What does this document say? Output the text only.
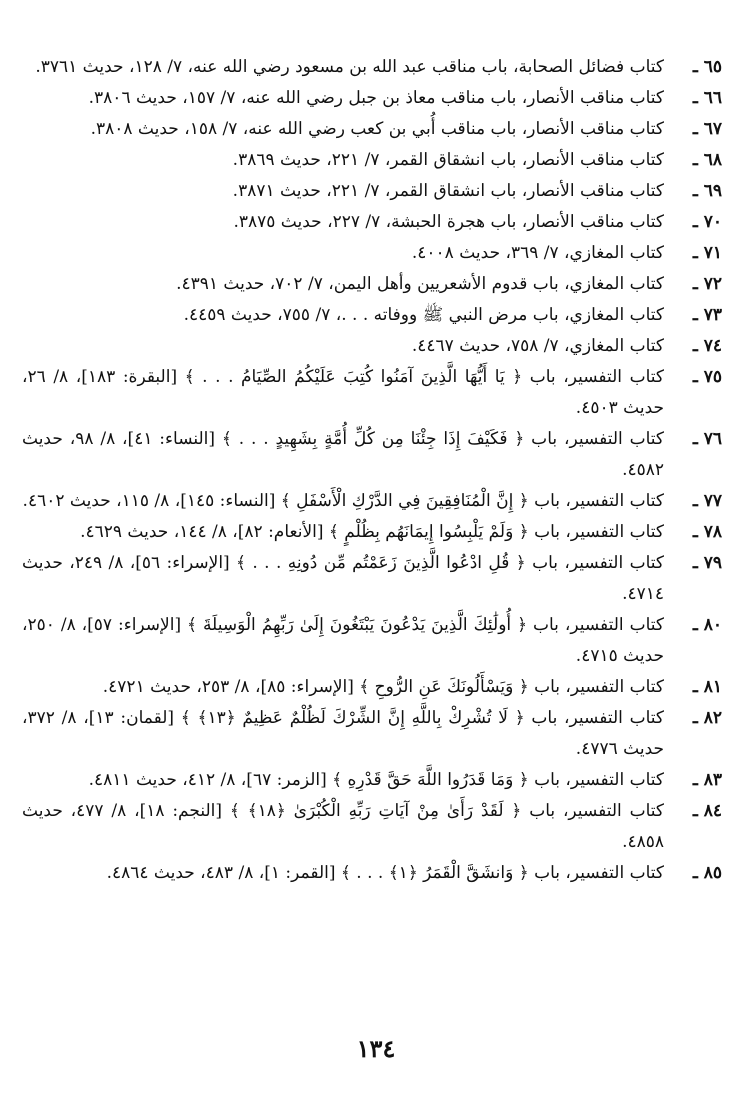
٦٥ ـ
كتاب فضائل الصحابة، باب مناقب عبد الله بن مسعود رضي الله عنه، ٧/ ١٢٨، حديث ٣٧٦١.
٦٦ ـ
كتاب مناقب الأنصار، باب مناقب معاذ بن جبل رضي الله عنه، ٧/ ١٥٧، حديث ٣٨٠٦.
٦٧ ـ
كتاب مناقب الأنصار، باب مناقب أُبي بن كعب رضي الله عنه، ٧/ ١٥٨، حديث ٣٨٠٨.
٦٨ ـ
كتاب مناقب الأنصار، باب انشقاق القمر، ٧/ ٢٢١، حديث ٣٨٦٩.
٦٩ ـ
كتاب مناقب الأنصار، باب انشقاق القمر، ٧/ ٢٢١، حديث ٣٨٧١.
٧٠ ـ
كتاب مناقب الأنصار، باب هجرة الحبشة، ٧/ ٢٢٧، حديث ٣٨٧٥.
٧١ ـ
كتاب المغازي، ٧/ ٣٦٩، حديث ٤٠٠٨.
٧٢ ـ
كتاب المغازي، باب قدوم الأشعريين وأهل اليمن، ٧/ ٧٠٢، حديث ٤٣٩١.
٧٣ ـ
كتاب المغازي، باب مرض النبي ﷺ ووفاته . . .، ٧/ ٧٥٥، حديث ٤٤٥٩.
٧٤ ـ
كتاب المغازي، ٧/ ٧٥٨، حديث ٤٤٦٧.
٧٥ ـ
كتاب التفسير، باب ﴿ يَا أَيُّهَا الَّذِينَ آمَنُوا كُتِبَ عَلَيْكُمُ الصِّيَامُ . . . ﴾ [البقرة: ١٨٣]، ٨/ ٢٦، حديث ٤٥٠٣.
٧٦ ـ
كتاب التفسير، باب ﴿ فَكَيْفَ إِذَا جِئْنَا مِن كُلِّ أُمَّةٍ بِشَهِيدٍ . . . ﴾ [النساء: ٤١]، ٨/ ٩٨، حديث ٤٥٨٢.
٧٧ ـ
كتاب التفسير، باب ﴿ إِنَّ الْمُنَافِقِينَ فِي الدَّرْكِ الْأَسْفَلِ ﴾ [النساء: ١٤٥]، ٨/ ١١٥، حديث ٤٦٠٢.
٧٨ ـ
كتاب التفسير، باب ﴿ وَلَمْ يَلْبِسُوا إِيمَانَهُم بِظُلْمٍ ﴾ [الأنعام: ٨٢]، ٨/ ١٤٤، حديث ٤٦٢٩.
٧٩ ـ
كتاب التفسير، باب ﴿ قُلِ ادْعُوا الَّذِينَ زَعَمْتُم مِّن دُونِهِ . . . ﴾ [الإسراء: ٥٦]، ٨/ ٢٤٩، حديث ٤٧١٤.
٨٠ ـ
كتاب التفسير، باب ﴿ أُولَٰئِكَ الَّذِينَ يَدْعُونَ يَبْتَغُونَ إِلَىٰ رَبِّهِمُ الْوَسِيلَةَ ﴾ [الإسراء: ٥٧]، ٨/ ٢٥٠، حديث ٤٧١٥.
٨١ ـ
كتاب التفسير، باب ﴿ وَيَسْأَلُونَكَ عَنِ الرُّوحِ ﴾ [الإسراء: ٨٥]، ٨/ ٢٥٣، حديث ٤٧٢١.
٨٢ ـ
كتاب التفسير، باب ﴿ لَا تُشْرِكْ بِاللَّهِ إِنَّ الشِّرْكَ لَظُلْمٌ عَظِيمٌ ﴿١٣﴾ ﴾ [لقمان: ١٣]، ٨/ ٣٧٢، حديث ٤٧٧٦.
٨٣ ـ
كتاب التفسير، باب ﴿ وَمَا قَدَرُوا اللَّهَ حَقَّ قَدْرِهِ ﴾ [الزمر: ٦٧]، ٨/ ٤١٢، حديث ٤٨١١.
٨٤ ـ
كتاب التفسير، باب ﴿ لَقَدْ رَأَىٰ مِنْ آيَاتِ رَبِّهِ الْكُبْرَىٰ ﴿١٨﴾ ﴾ [النجم: ١٨]، ٨/ ٤٧٧، حديث ٤٨٥٨.
٨٥ ـ
كتاب التفسير، باب ﴿ وَانشَقَّ الْقَمَرُ ﴿١﴾ . . . ﴾ [القمر: ١]، ٨/ ٤٨٣، حديث ٤٨٦٤.
١٣٤
